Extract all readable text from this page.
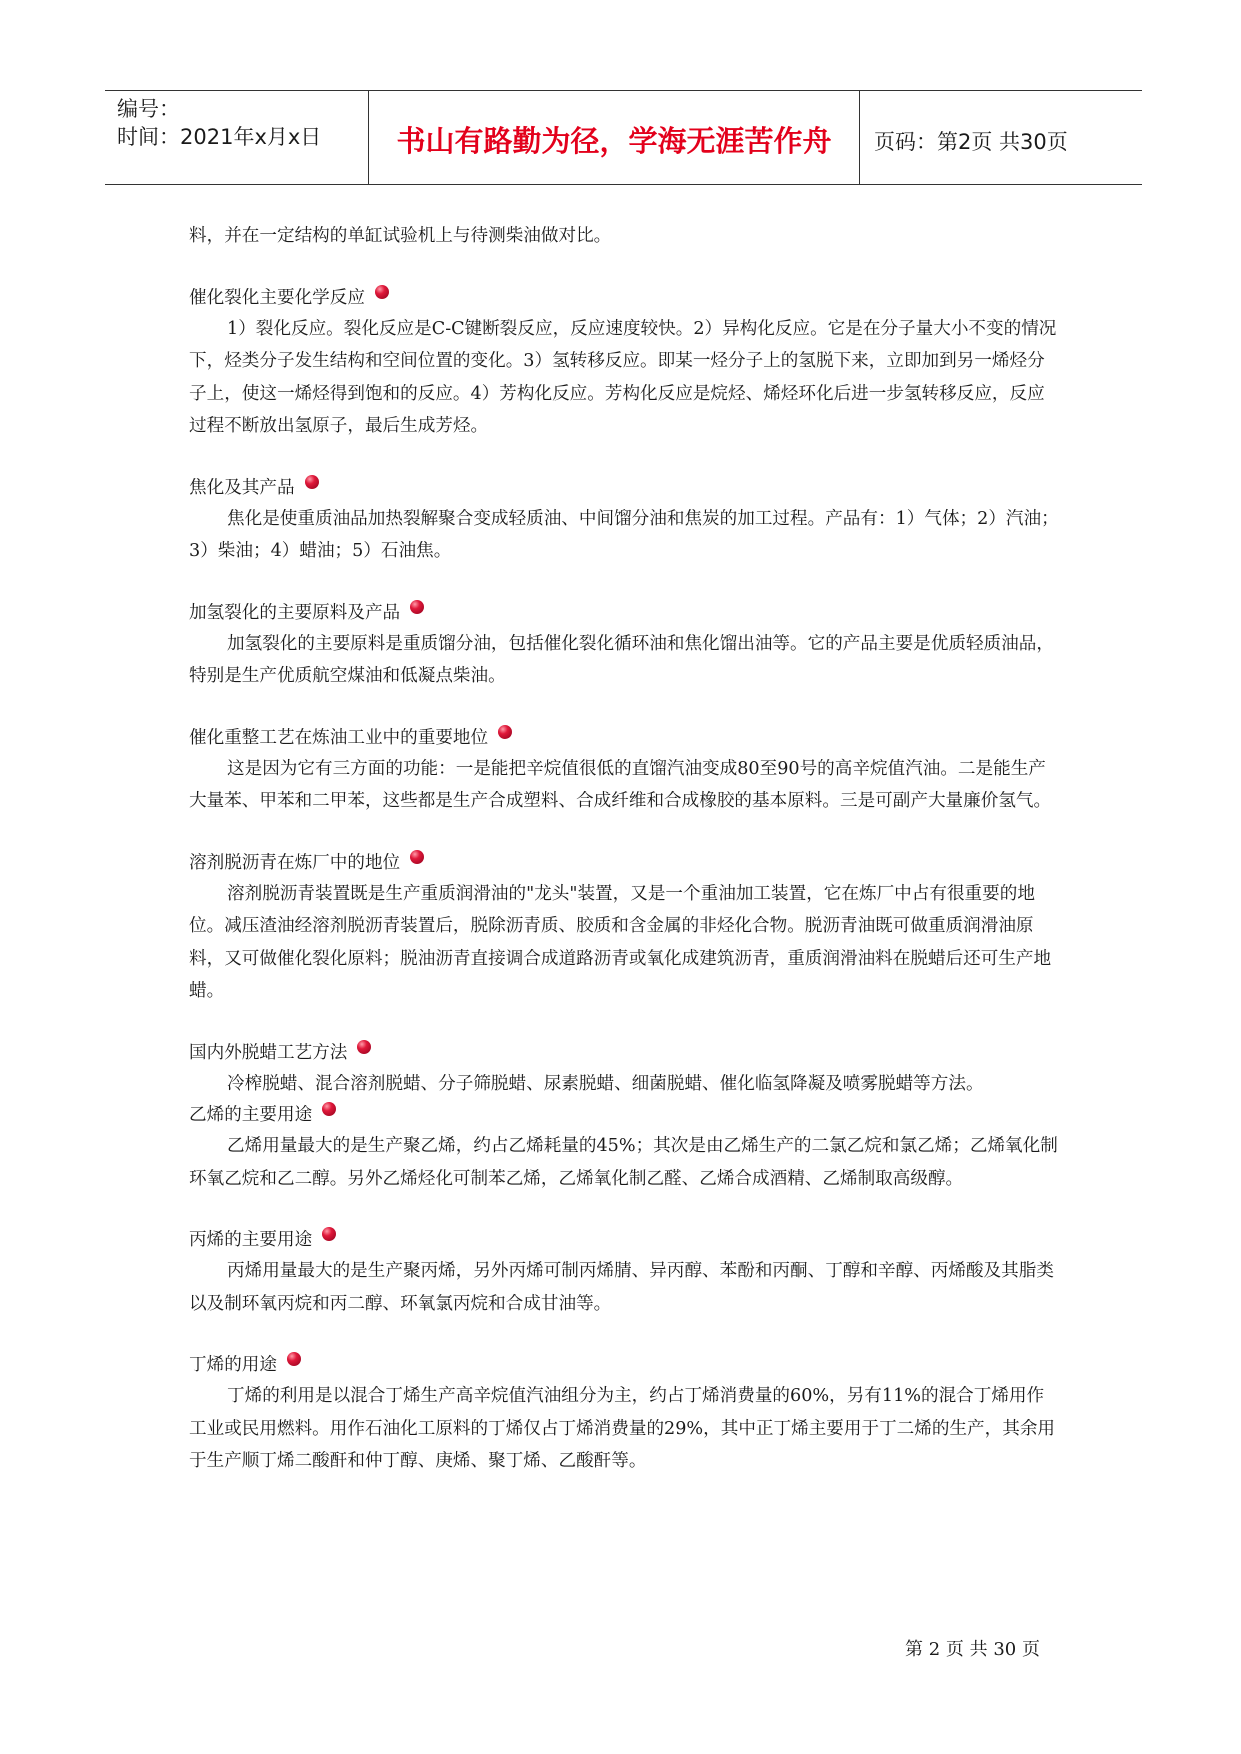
编号：
时间：2021年x月x日	书山有路勤为径，学海无涯苦作舟	页码：第2页 共30页

料，并在一定结构的单缸试验机上与待测柴油做对比。

催化裂化主要化学反应

1）裂化反应。裂化反应是C-C键断裂反应，反应速度较快。2）异构化反应。它是在分子量大小不变的情况下，烃类分子发生结构和空间位置的变化。3）氢转移反应。即某一烃分子上的氢脱下来，立即加到另一烯烃分子上，使这一烯烃得到饱和的反应。4）芳构化反应。芳构化反应是烷烃、烯烃环化后进一步氢转移反应，反应过程不断放出氢原子，最后生成芳烃。

焦化及其产品

焦化是使重质油品加热裂解聚合变成轻质油、中间馏分油和焦炭的加工过程。产品有：1）气体；2）汽油；3）柴油；4）蜡油；5）石油焦。

加氢裂化的主要原料及产品

加氢裂化的主要原料是重质馏分油，包括催化裂化循环油和焦化馏出油等。它的产品主要是优质轻质油品，特别是生产优质航空煤油和低凝点柴油。

催化重整工艺在炼油工业中的重要地位

这是因为它有三方面的功能：一是能把辛烷值很低的直馏汽油变成80至90号的高辛烷值汽油。二是能生产大量苯、甲苯和二甲苯，这些都是生产合成塑料、合成纤维和合成橡胶的基本原料。三是可副产大量廉价氢气。

溶剂脱沥青在炼厂中的地位

溶剂脱沥青装置既是生产重质润滑油的"龙头"装置，又是一个重油加工装置，它在炼厂中占有很重要的地位。减压渣油经溶剂脱沥青装置后，脱除沥青质、胶质和含金属的非烃化合物。脱沥青油既可做重质润滑油原料，又可做催化裂化原料；脱油沥青直接调合成道路沥青或氧化成建筑沥青，重质润滑油料在脱蜡后还可生产地蜡。

国内外脱蜡工艺方法

冷榨脱蜡、混合溶剂脱蜡、分子筛脱蜡、尿素脱蜡、细菌脱蜡、催化临氢降凝及喷雾脱蜡等方法。

乙烯的主要用途

乙烯用量最大的是生产聚乙烯，约占乙烯耗量的45%；其次是由乙烯生产的二氯乙烷和氯乙烯；乙烯氧化制环氧乙烷和乙二醇。另外乙烯烃化可制苯乙烯，乙烯氧化制乙醛、乙烯合成酒精、乙烯制取高级醇。

丙烯的主要用途

丙烯用量最大的是生产聚丙烯，另外丙烯可制丙烯腈、异丙醇、苯酚和丙酮、丁醇和辛醇、丙烯酸及其脂类以及制环氧丙烷和丙二醇、环氧氯丙烷和合成甘油等。

丁烯的用途

丁烯的利用是以混合丁烯生产高辛烷值汽油组分为主，约占丁烯消费量的60%，另有11%的混合丁烯用作工业或民用燃料。用作石油化工原料的丁烯仅占丁烯消费量的29%，其中正丁烯主要用于丁二烯的生产，其余用于生产顺丁烯二酸酐和仲丁醇、庚烯、聚丁烯、乙酸酐等。

第 2 页 共 30 页
